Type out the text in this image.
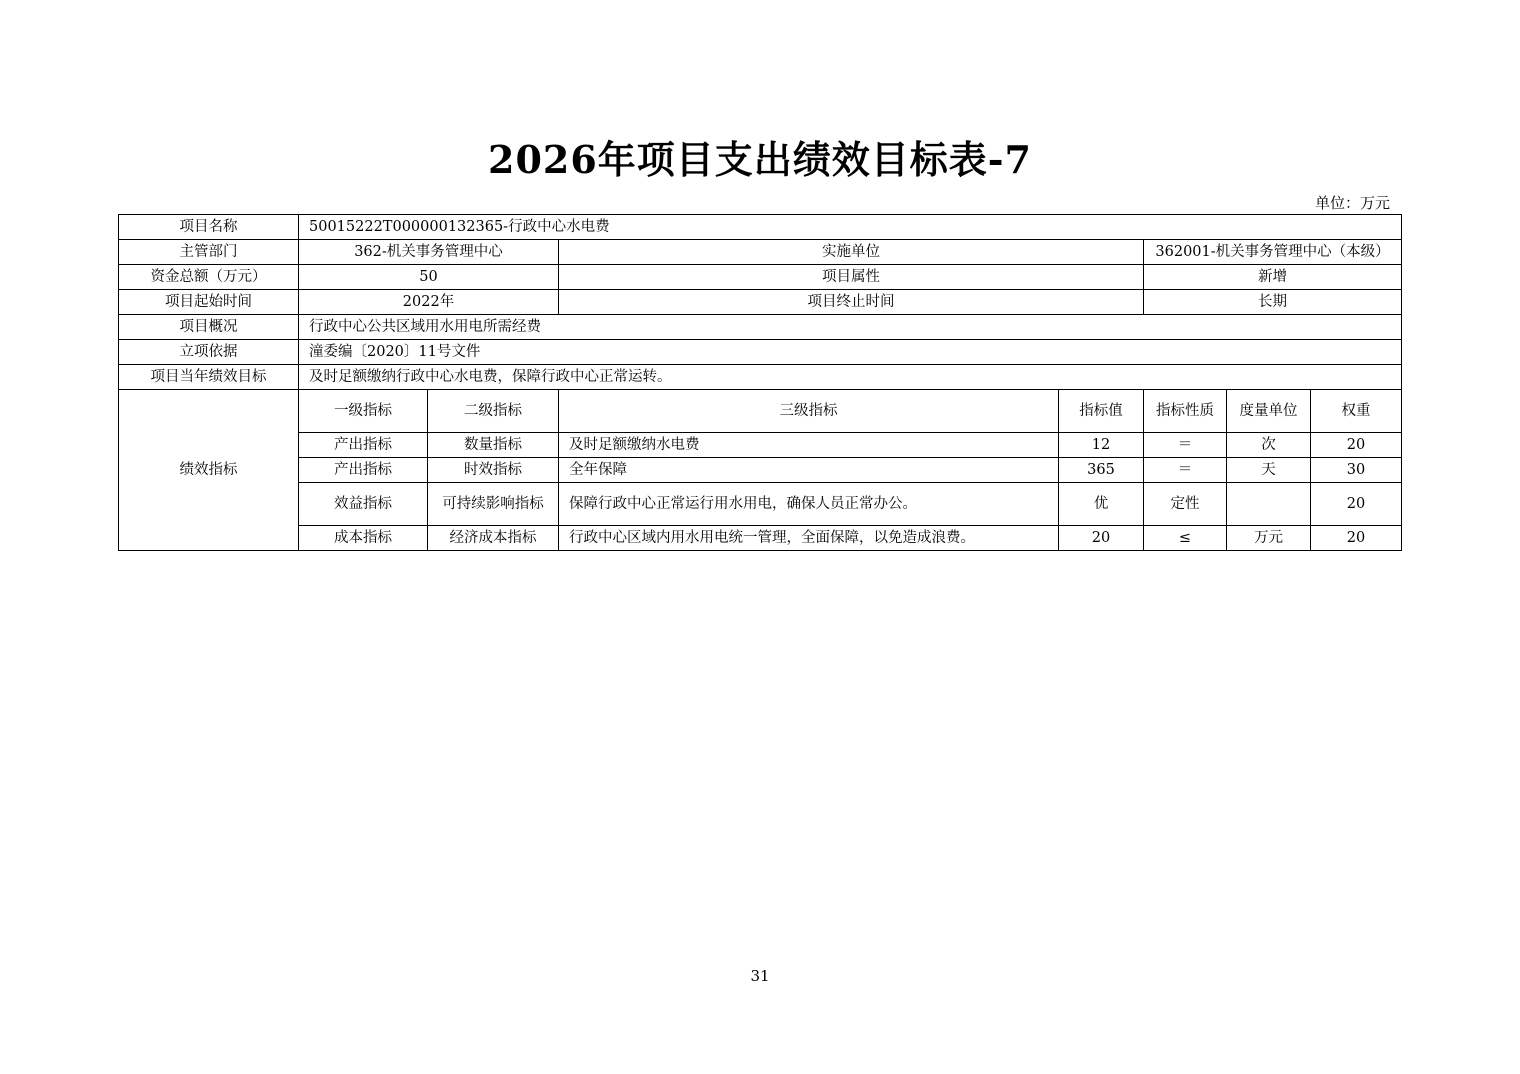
2026年项目支出绩效目标表-7
单位：万元
项目名称	50015222T000000132365-行政中心水电费						
主管部门	362-机关事务管理中心		实施单位		362001-机关事务管理中心（本级）		
资金总额（万元）	50		项目属性		新增		
项目起始时间	2022年		项目终止时间		长期		
项目概况	行政中心公共区域用水用电所需经费						
立项依据	潼委编〔2020〕11号文件						
项目当年绩效目标	及时足额缴纳行政中心水电费，保障行政中心正常运转。						
绩效指标	一级指标	二级指标	三级指标	指标值	指标性质	度量单位	权重
	产出指标	数量指标	及时足额缴纳水电费	12	＝	次	20
	产出指标	时效指标	全年保障	365	＝	天	30
	效益指标	可持续影响指标	保障行政中心正常运行用水用电，确保人员正常办公。	优	定性		20
	成本指标	经济成本指标	行政中心区域内用水用电统一管理，全面保障，以免造成浪费。	20	≤	万元	20
31
